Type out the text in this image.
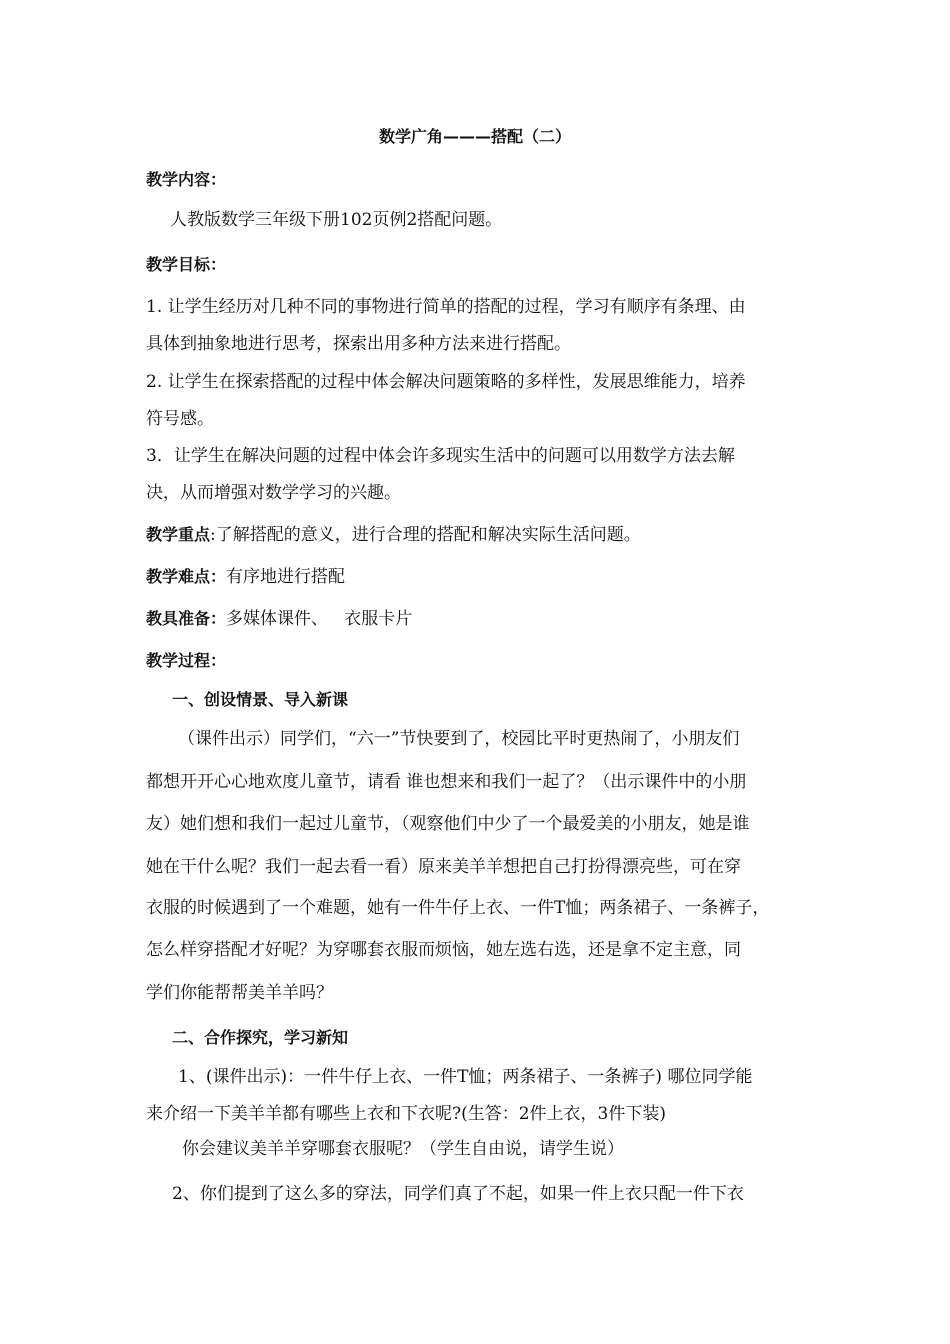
数学广角———搭配（二）
教学内容：
人教版数学三年级下册102页例2搭配问题。
教学目标：
1. 让学生经历对几种不同的事物进行简单的搭配的过程，学习有顺序有条理、由
具体到抽象地进行思考，探索出用多种方法来进行搭配。
2. 让学生在探索搭配的过程中体会解决问题策略的多样性，发展思维能力，培养
符号感。
3．让学生在解决问题的过程中体会许多现实生活中的问题可以用数学方法去解
决，从而增强对数学学习的兴趣。
教学重点:了解搭配的意义，进行合理的搭配和解决实际生活问题。
教学难点：有序地进行搭配
教具准备：多媒体课件、   衣服卡片
教学过程：
一、创设情景、导入新课
（课件出示）同学们，“六一”节快要到了，校园比平时更热闹了，小朋友们
都想开开心心地欢度儿童节，请看 谁也想来和我们一起了？（出示课件中的小朋
友）她们想和我们一起过儿童节，（观察他们中少了一个最爱美的小朋友，她是谁
她在干什么呢？我们一起去看一看）原来美羊羊想把自己打扮得漂亮些，可在穿
衣服的时候遇到了一个难题，她有一件牛仔上衣、一件T恤；两条裙子、一条裤子，
怎么样穿搭配才好呢？为穿哪套衣服而烦恼，她左选右选，还是拿不定主意，同
学们你能帮帮美羊羊吗？
二、合作探究，学习新知
1、(课件出示)：一件牛仔上衣、一件T恤；两条裙子、一条裤子) 哪位同学能
来介绍一下美羊羊都有哪些上衣和下衣呢?(生答：2件上衣，3件下装)
你会建议美羊羊穿哪套衣服呢？（学生自由说，请学生说）
2、你们提到了这么多的穿法，同学们真了不起，如果一件上衣只配一件下衣
